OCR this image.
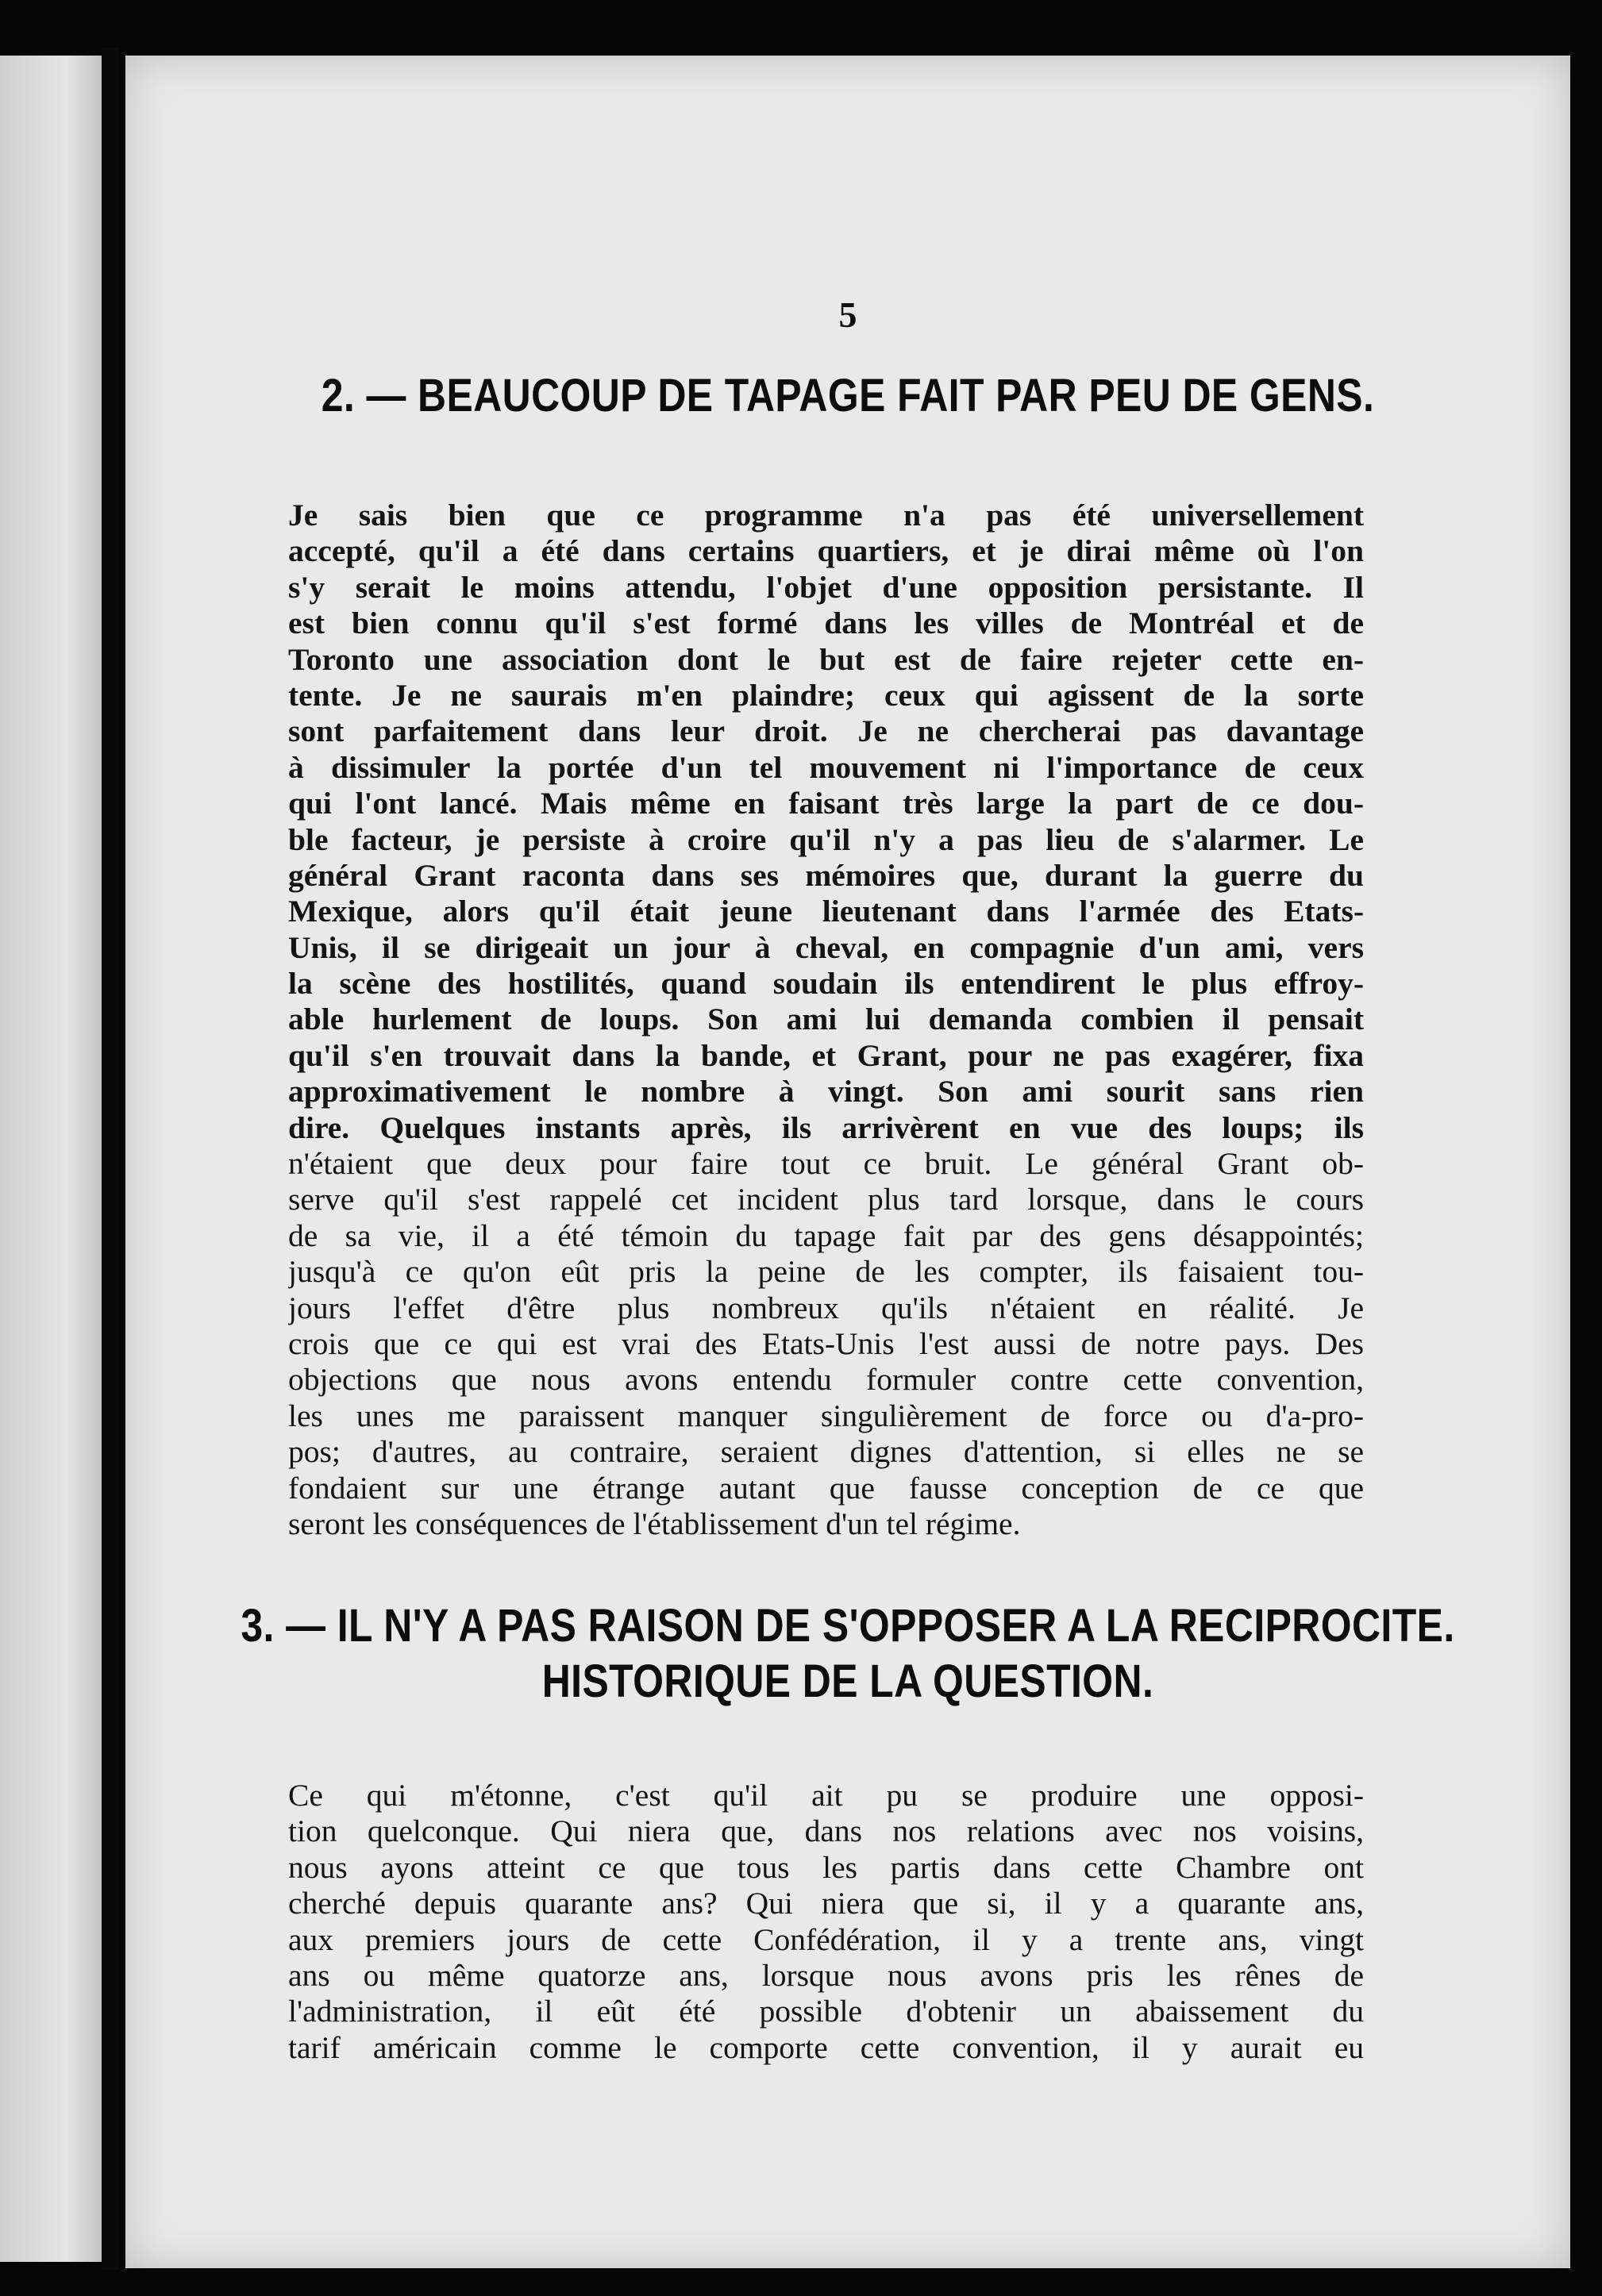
5
2. — BEAUCOUP DE TAPAGE FAIT PAR PEU DE GENS.
Je sais bien que ce programme n'a pas été universellement
accepté, qu'il a été dans certains quartiers, et je dirai même où l'on
s'y serait le moins attendu, l'objet d'une opposition persistante. Il
est bien connu qu'il s'est formé dans les villes de Montréal et de
Toronto une association dont le but est de faire rejeter cette en-
tente. Je ne saurais m'en plaindre; ceux qui agissent de la sorte
sont parfaitement dans leur droit. Je ne chercherai pas davantage
à dissimuler la portée d'un tel mouvement ni l'importance de ceux
qui l'ont lancé. Mais même en faisant très large la part de ce dou-
ble facteur, je persiste à croire qu'il n'y a pas lieu de s'alarmer. Le
général Grant raconta dans ses mémoires que, durant la guerre du
Mexique, alors qu'il était jeune lieutenant dans l'armée des Etats-
Unis, il se dirigeait un jour à cheval, en compagnie d'un ami, vers
la scène des hostilités, quand soudain ils entendirent le plus effroy-
able hurlement de loups. Son ami lui demanda combien il pensait
qu'il s'en trouvait dans la bande, et Grant, pour ne pas exagérer, fixa
approximativement le nombre à vingt. Son ami sourit sans rien
dire. Quelques instants après, ils arrivèrent en vue des loups; ils
n'étaient que deux pour faire tout ce bruit. Le général Grant ob-
serve qu'il s'est rappelé cet incident plus tard lorsque, dans le cours
de sa vie, il a été témoin du tapage fait par des gens désappointés;
jusqu'à ce qu'on eût pris la peine de les compter, ils faisaient tou-
jours l'effet d'être plus nombreux qu'ils n'étaient en réalité. Je
crois que ce qui est vrai des Etats-Unis l'est aussi de notre pays. Des
objections que nous avons entendu formuler contre cette convention,
les unes me paraissent manquer singulièrement de force ou d'a-pro-
pos; d'autres, au contraire, seraient dignes d'attention, si elles ne se
fondaient sur une étrange autant que fausse conception de ce que
seront les conséquences de l'établissement d'un tel régime.
3. — IL N'Y A PAS RAISON DE S'OPPOSER A LA RECIPROCITE.
HISTORIQUE DE LA QUESTION.
Ce qui m'étonne, c'est qu'il ait pu se produire une opposi-
tion quelconque. Qui niera que, dans nos relations avec nos voisins,
nous ayons atteint ce que tous les partis dans cette Chambre ont
cherché depuis quarante ans? Qui niera que si, il y a quarante ans,
aux premiers jours de cette Confédération, il y a trente ans, vingt
ans ou même quatorze ans, lorsque nous avons pris les rênes de
l'administration, il eût été possible d'obtenir un abaissement du
tarif américain comme le comporte cette convention, il y aurait eu
